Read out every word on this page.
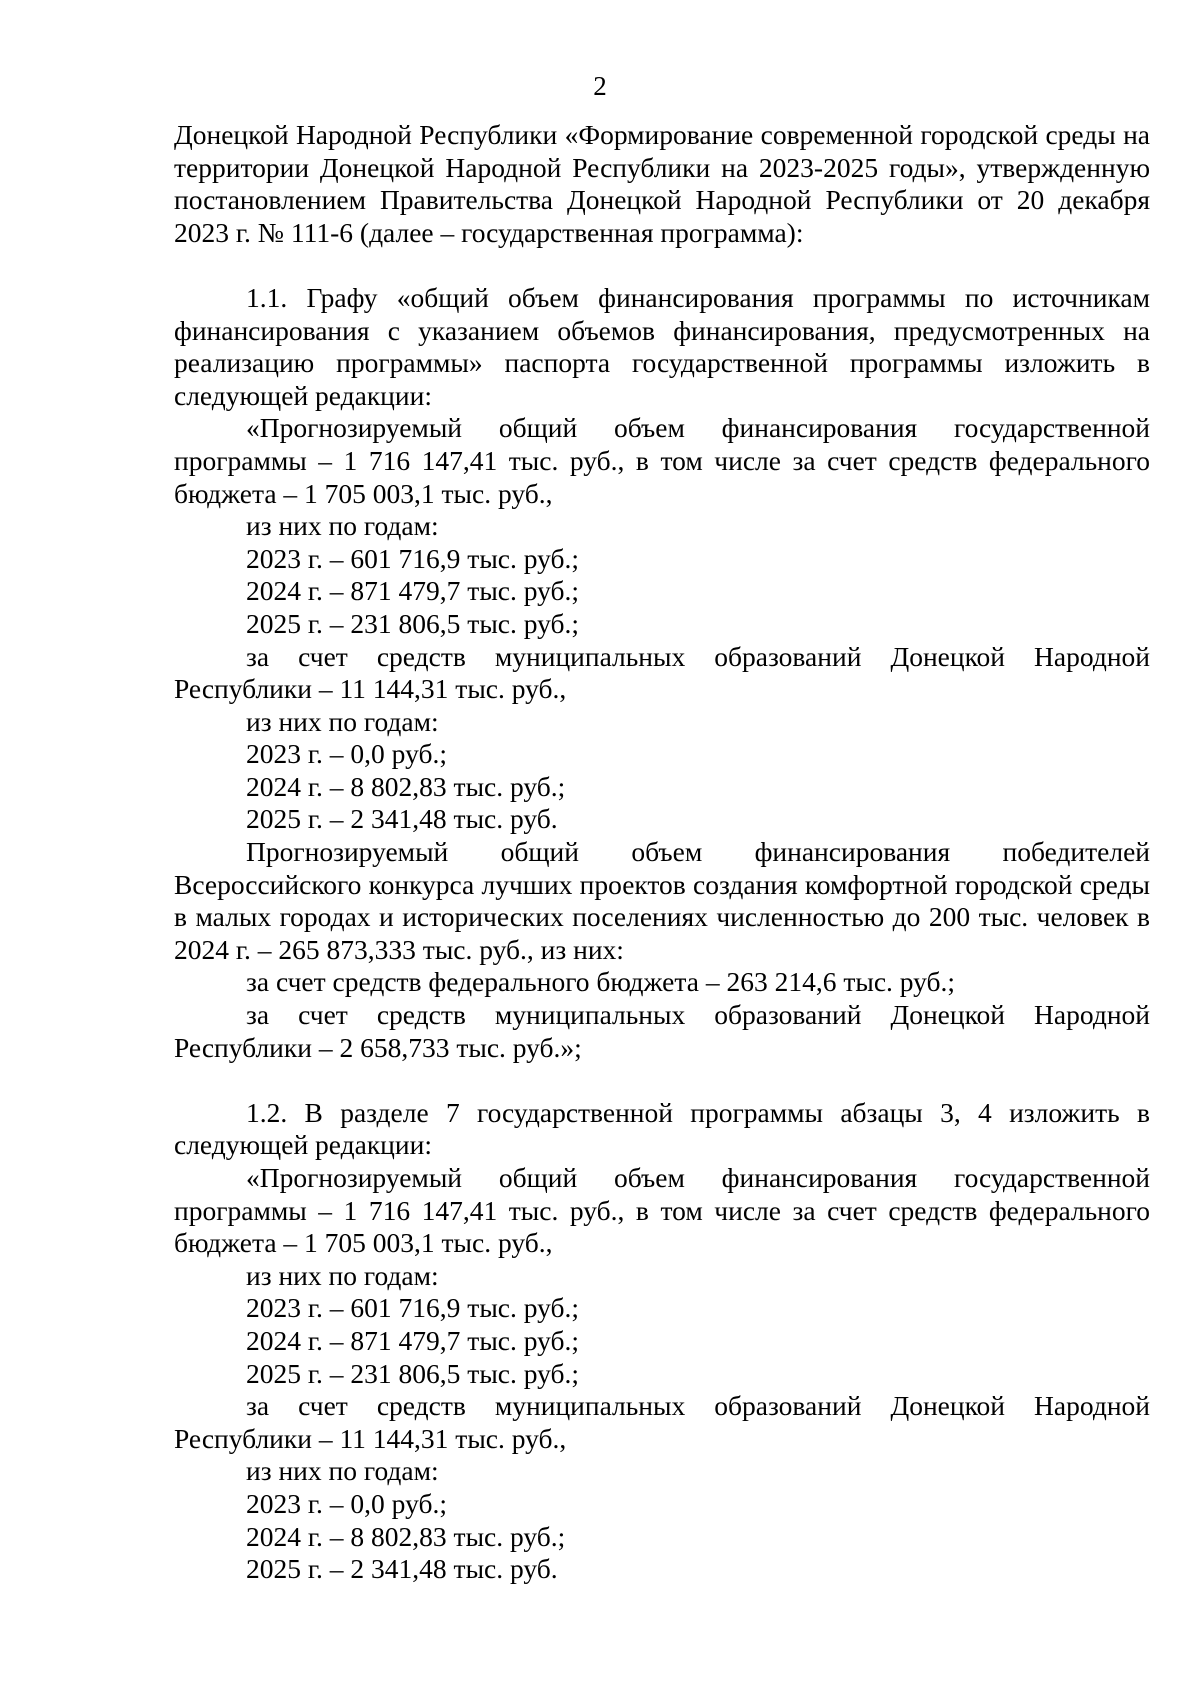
2

Донецкой Народной Республики «Формирование современной городской среды на территории Донецкой Народной Республики на 2023-2025 годы», утвержденную постановлением Правительства Донецкой Народной Республики от 20 декабря 2023 г. № 111-6 (далее – государственная программа):

1.1. Графу «общий объем финансирования программы по источникам финансирования с указанием объемов финансирования, предусмотренных на реализацию программы» паспорта государственной программы изложить в следующей редакции:

«Прогнозируемый общий объем финансирования государственной программы – 1 716 147,41 тыс. руб., в том числе за счет средств федерального бюджета – 1 705 003,1 тыс. руб.,

из них по годам:

2023 г. – 601 716,9 тыс. руб.;

2024 г. – 871 479,7 тыс. руб.;

2025 г. – 231 806,5 тыс. руб.;

за счет средств муниципальных образований Донецкой Народной Республики – 11 144,31 тыс. руб.,

из них по годам:

2023 г. – 0,0 руб.;

2024 г. – 8 802,83 тыс. руб.;

2025 г. – 2 341,48 тыс. руб.

Прогнозируемый общий объем финансирования победителей Всероссийского конкурса лучших проектов создания комфортной городской среды в малых городах и исторических поселениях численностью до 200 тыс. человек в 2024 г. – 265 873,333 тыс. руб., из них:

за счет средств федерального бюджета – 263 214,6 тыс. руб.;

за счет средств муниципальных образований Донецкой Народной Республики – 2 658,733 тыс. руб.»;

1.2. В разделе 7 государственной программы абзацы 3, 4 изложить в следующей редакции:

«Прогнозируемый общий объем финансирования государственной программы – 1 716 147,41 тыс. руб., в том числе за счет средств федерального бюджета – 1 705 003,1 тыс. руб.,

из них по годам:

2023 г. – 601 716,9 тыс. руб.;

2024 г. – 871 479,7 тыс. руб.;

2025 г. – 231 806,5 тыс. руб.;

за счет средств муниципальных образований Донецкой Народной Республики – 11 144,31 тыс. руб.,

из них по годам:

2023 г. – 0,0 руб.;

2024 г. – 8 802,83 тыс. руб.;

2025 г. – 2 341,48 тыс. руб.
